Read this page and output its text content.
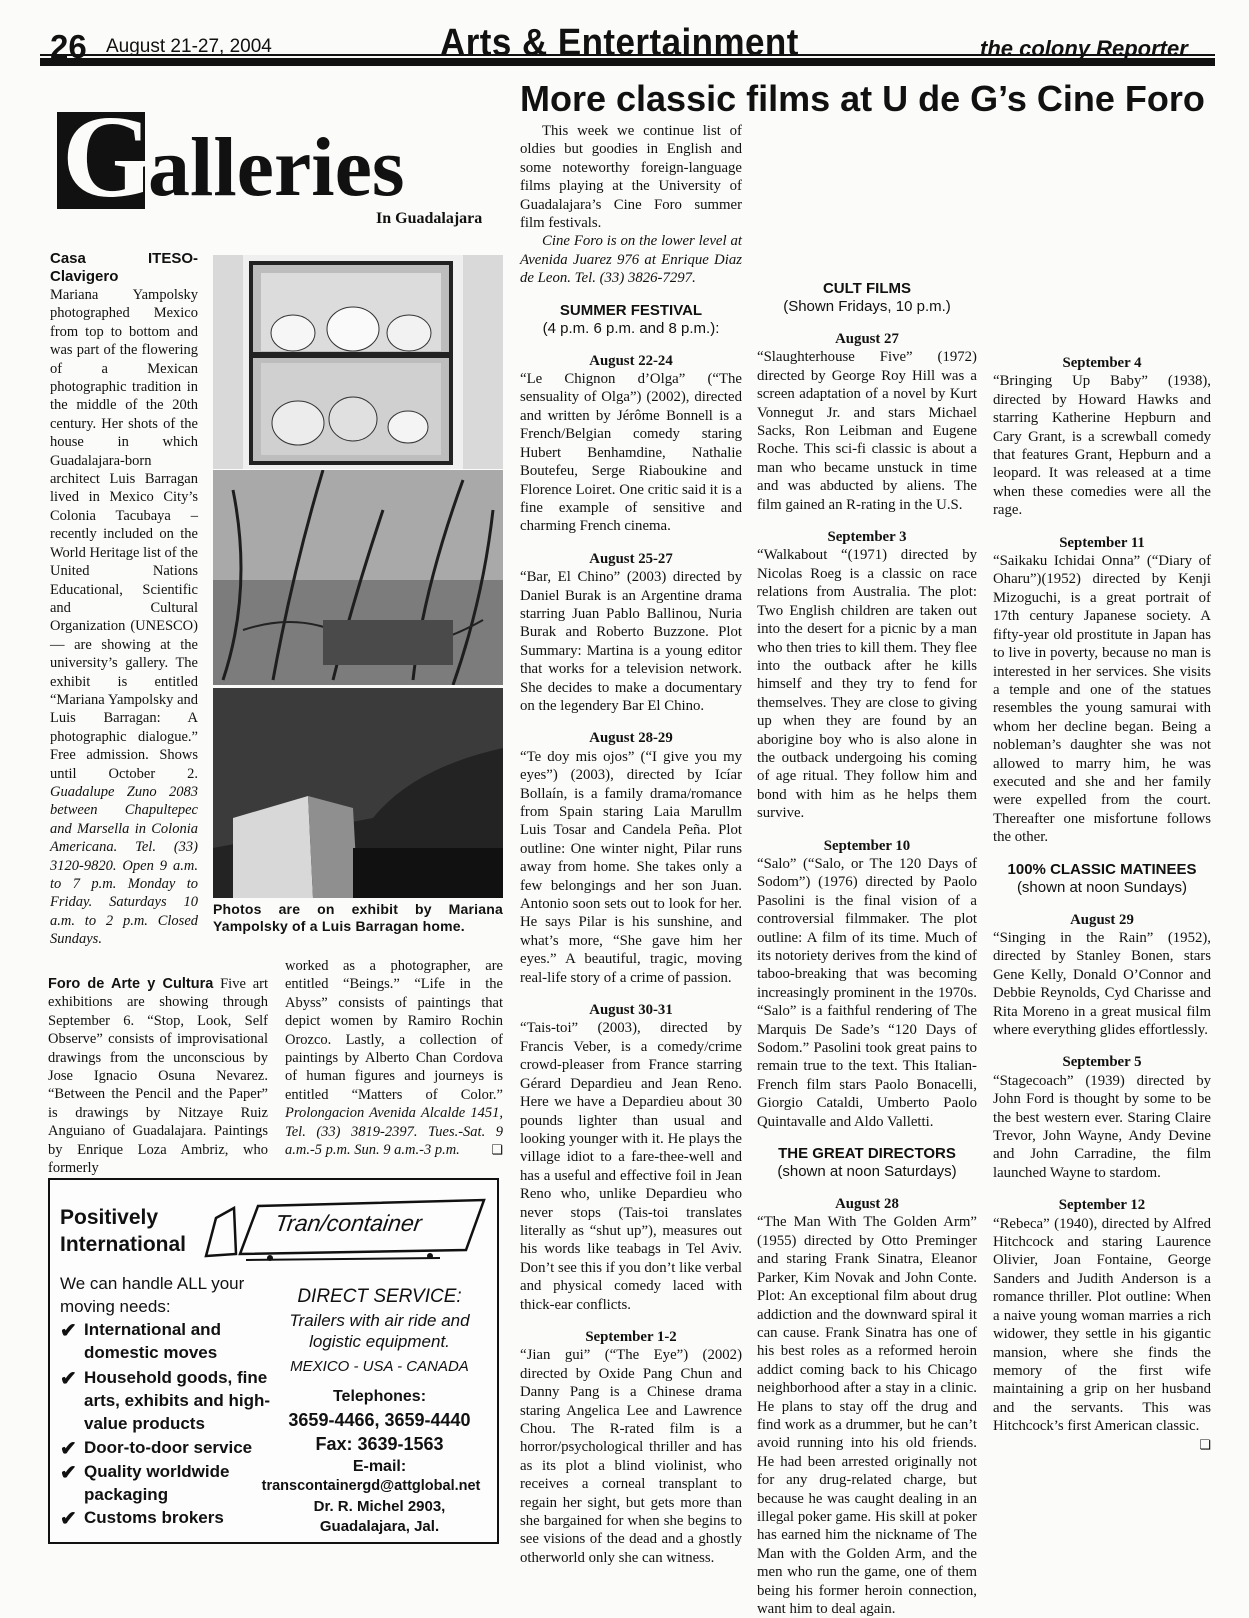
26 August 21-27, 2004	Arts & Entertainment	the colony Reporter
More classic films at U de G’s Cine Foro
G
alleries
In Guadalajara
Casa ITESO-Clavigero
Mariana Yampolsky photographed Mexico from top to bottom and was part of the flowering of a Mexican photographic tradition in the middle of the 20th century. Her shots of the house in which Guadalajara-born architect Luis Barragan lived in Mexico City’s Colonia Tacubaya – recently included on the World Heritage list of the United Nations Educational, Scientific and Cultural Organization (UNESCO) — are showing at the university’s gallery. The exhibit is entitled “Mariana Yampolsky and Luis Barragan: A photographic dialogue.” Free admission. Shows until October 2. Guadalupe Zuno 2083 between Chapultepec and Marsella in Colonia Americana. Tel. (33) 3120-9820. Open 9 a.m. to 7 p.m. Monday to Friday. Saturdays 10 a.m. to 2 p.m. Closed Sundays.
Photos are on exhibit by Mariana Yampolsky of a Luis Barragan home.
Foro de Arte y Cultura Five art exhibitions are showing through September 6. “Stop, Look, Self Observe” consists of improvisational drawings from the unconscious by Jose Ignacio Osuna Nevarez. “Between the Pencil and the Paper” is drawings by Nitzaye Ruiz Anguiano of Guadalajara. Paintings by Enrique Loza Ambriz, who formerly
worked as a photographer, are entitled “Beings.” “Life in the Abyss” consists of paintings that depict women by Ramiro Rochin Orozco. Lastly, a collection of paintings by Alberto Chan Cordova of human figures and journeys is entitled “Matters of Color.” Prolongacion Avenida Alcalde 1451, Tel. (33) 3819-2397. Tues.-Sat. 9 a.m.-5 p.m. Sun. 9 a.m.-3 p.m. ❏

This week we continue list of oldies but goodies in English and some noteworthy foreign-language films playing at the University of Guadalajara’s Cine Foro summer film festivals.

Cine Foro is on the lower level at Avenida Juarez 976 at Enrique Diaz de Leon. Tel. (33) 3826-7297.

SUMMER FESTIVAL
(4 p.m. 6 p.m. and 8 p.m.):
August 22-24

“Le Chignon d’Olga” (“The sensuality of Olga”) (2002), directed and written by Jérôme Bonnell is a French/Belgian comedy staring Hubert Benhamdine, Nathalie Boutefeu, Serge Riaboukine and Florence Loiret. One critic said it is a fine example of sensitive and charming French cinema.

August 25-27

“Bar, El Chino” (2003) directed by Daniel Burak is an Argentine drama starring Juan Pablo Ballinou, Nuria Burak and Roberto Buzzone. Plot Summary: Martina is a young editor that works for a television network. She decides to make a documentary on the legendery Bar El Chino.

August 28-29

“Te doy mis ojos” (“I give you my eyes”) (2003), directed by Icíar Bollaín, is a family drama/romance from Spain staring Laia Marullm Luis Tosar and Candela Peña. Plot outline: One winter night, Pilar runs away from home. She takes only a few belongings and her son Juan. Antonio soon sets out to look for her. He says Pilar is his sunshine, and what’s more, “She gave him her eyes.” A beautiful, tragic, moving real-life story of a crime of passion.

August 30-31

“Tais-toi” (2003), directed by Francis Veber, is a comedy/crime crowd-pleaser from France starring Gérard Depardieu and Jean Reno. Here we have a Depardieu about 30 pounds lighter than usual and looking younger with it. He plays the village idiot to a fare-thee-well and has a useful and effective foil in Jean Reno who, unlike Depardieu who never stops (Tais-toi translates literally as “shut up”), measures out his words like teabags in Tel Aviv. Don’t see this if you don’t like verbal and physical comedy laced with thick-ear conflicts.

September 1-2

“Jian gui” (“The Eye”) (2002) directed by Oxide Pang Chun and Danny Pang is a Chinese drama staring Angelica Lee and Lawrence Chou. The R-rated film is a horror/psychological thriller and has as its plot a blind violinist, who receives a corneal transplant to regain her sight, but gets more than she bargained for when she begins to see visions of the dead and a ghostly otherworld only she can witness.

CULT FILMS
(Shown Fridays, 10 p.m.)
August 27

“Slaughterhouse Five” (1972) directed by George Roy Hill was a screen adaptation of a novel by Kurt Vonnegut Jr. and stars Michael Sacks, Ron Leibman and Eugene Roche. This sci-fi classic is about a man who became unstuck in time and was abducted by aliens. The film gained an R-rating in the U.S.

September 3

“Walkabout “(1971) directed by Nicolas Roeg is a classic on race relations from Australia. The plot: Two English children are taken out into the desert for a picnic by a man who then tries to kill them. They flee into the outback after he kills himself and they try to fend for themselves. They are close to giving up when they are found by an aborigine boy who is also alone in the outback undergoing his coming of age ritual. They follow him and bond with him as he helps them survive.

September 10

“Salo” (“Salo, or The 120 Days of Sodom”) (1976) directed by Paolo Pasolini is the final vision of a controversial filmmaker. The plot outline: A film of its time. Much of its notoriety derives from the kind of taboo-breaking that was becoming increasingly prominent in the 1970s. “Salo” is a faithful rendering of The Marquis De Sade’s “120 Days of Sodom.” Pasolini took great pains to remain true to the text. This Italian-French film stars Paolo Bonacelli, Giorgio Cataldi, Umberto Paolo Quintavalle and Aldo Valletti.

THE GREAT DIRECTORS
(shown at noon Saturdays)
August 28

“The Man With The Golden Arm” (1955) directed by Otto Preminger and staring Frank Sinatra, Eleanor Parker, Kim Novak and John Conte. Plot: An exceptional film about drug addiction and the downward spiral it can cause. Frank Sinatra has one of his best roles as a reformed heroin addict coming back to his Chicago neighborhood after a stay in a clinic. He plans to stay off the drug and find work as a drummer, but he can’t avoid running into his old friends. He had been arrested originally not for any drug-related charge, but because he was caught dealing in an illegal poker game. His skill at poker has earned him the nickname of The Man with the Golden Arm, and the men who run the game, one of them being his former heroin connection, want him to deal again.

September 4

“Bringing Up Baby” (1938), directed by Howard Hawks and starring Katherine Hepburn and Cary Grant, is a screwball comedy that features Grant, Hepburn and a leopard. It was released at a time when these comedies were all the rage.

September 11

“Saikaku Ichidai Onna” (“Diary of Oharu”)(1952) directed by Kenji Mizoguchi, is a great portrait of 17th century Japanese society. A fifty-year old prostitute in Japan has to live in poverty, because no man is interested in her services. She visits a temple and one of the statues resembles the young samurai with whom her decline began. Being a nobleman’s daughter she was not allowed to marry him, he was executed and she and her family were expelled from the court. Thereafter one misfortune follows the other.

100% CLASSIC MATINEES
(shown at noon Sundays)
August 29

“Singing in the Rain” (1952), directed by Stanley Bonen, stars Gene Kelly, Donald O’Connor and Debbie Reynolds, Cyd Charisse and Rita Moreno in a great musical film where everything glides effortlessly.

September 5

“Stagecoach” (1939) directed by John Ford is thought by some to be the best western ever. Staring Claire Trevor, John Wayne, Andy Devine and John Carradine, the film launched Wayne to stardom.

September 12

“Rebeca” (1940), directed by Alfred Hitchcock and staring Laurence Olivier, Joan Fontaine, George Sanders and Judith Anderson is a romance thriller. Plot outline: When a naive young woman marries a rich widower, they settle in his gigantic mansion, where she finds the memory of the first wife maintaining a grip on her husband and the servants. This was Hitchcock’s first American classic.

❏
Positively International
Tran/container
We can handle ALL your moving needs:
✔ International and domestic moves
✔ Household goods, fine arts, exhibits and high-value products
✔ Door-to-door service
✔ Quality worldwide packaging
✔ Customs brokers
DIRECT SERVICE:
Trailers with air ride and logistic equipment.
MEXICO - USA - CANADA
Telephones:
3659-4466, 3659-4440
Fax: 3639-1563
E-mail:
transcontainergd@attglobal.net
Dr. R. Michel 2903,
Guadalajara, Jal.
